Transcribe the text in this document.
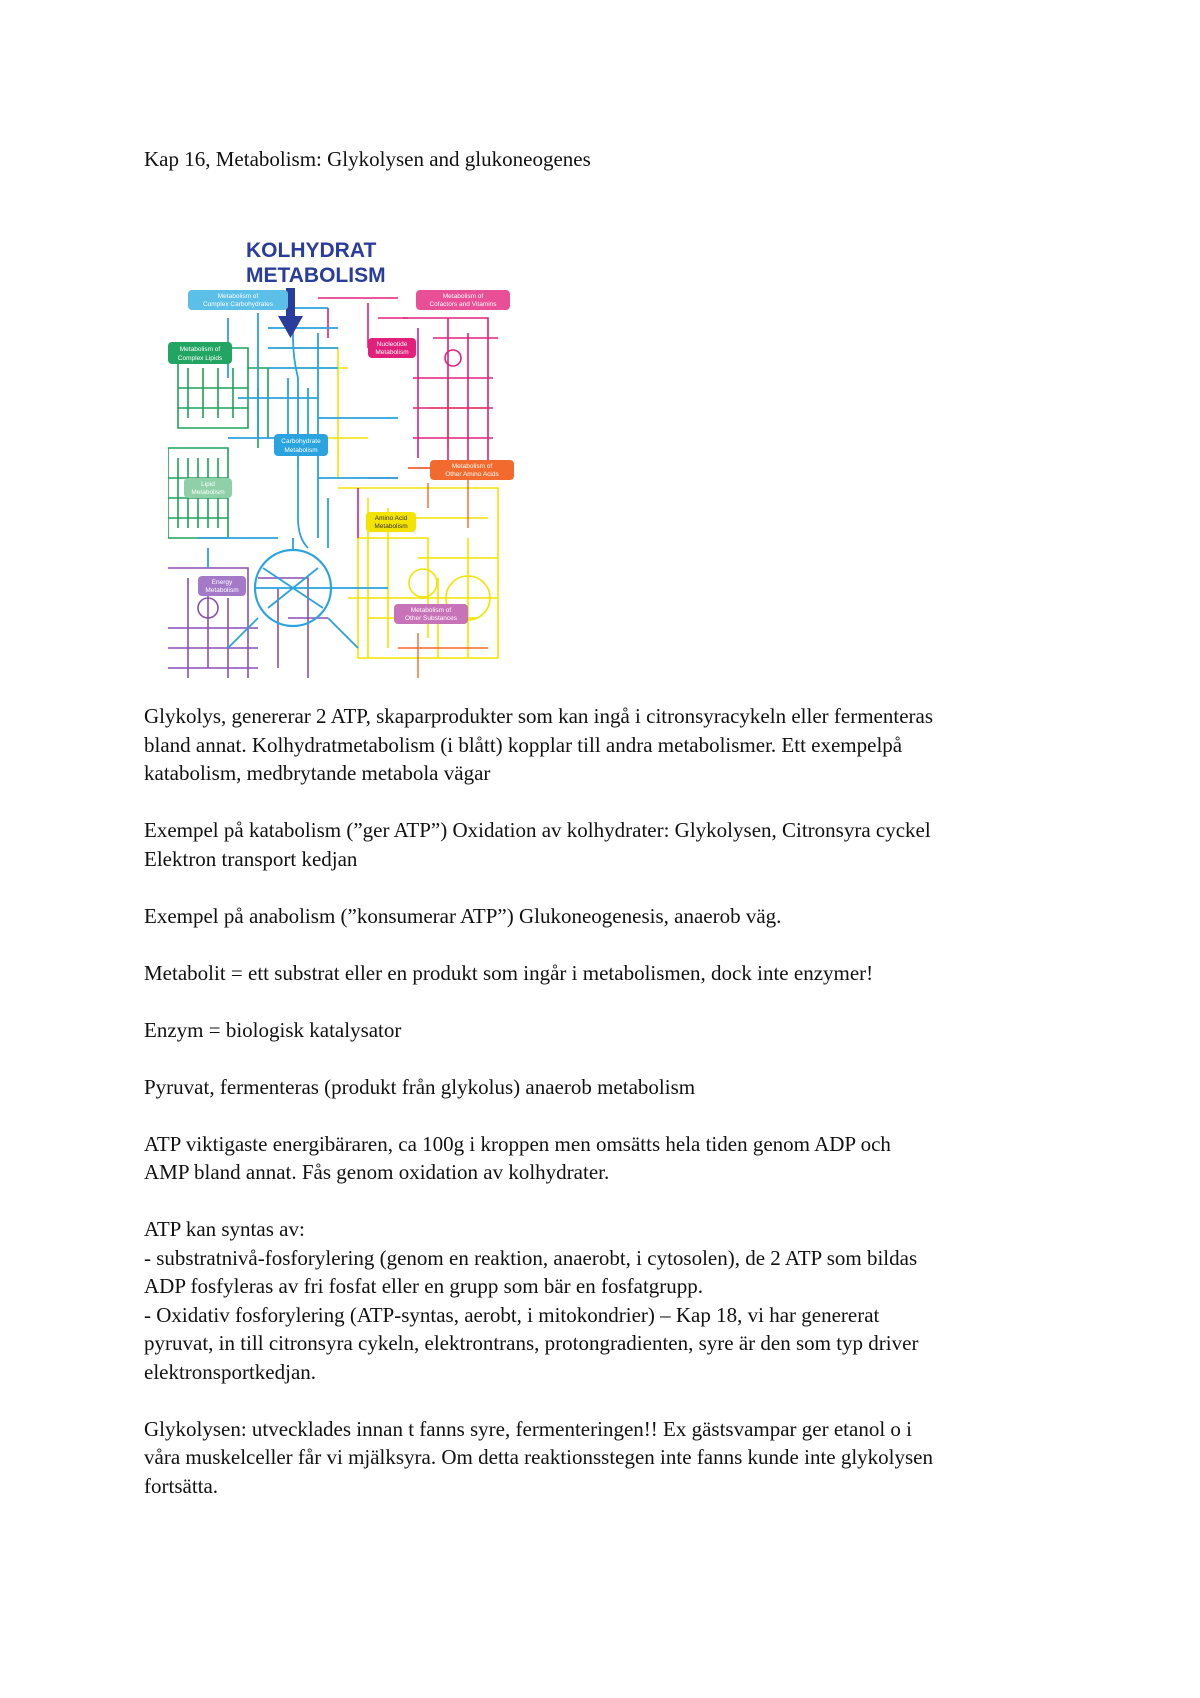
Kap 16, Metabolism: Glykolysen and glukoneogenes
KOLHYDRAT
METABOLISM
Metabolism of
Complex Carbohydrates
Metabolism of
Cofactors and Vitamins
Metabolism of
Complex Lipids
Nucleotide
Metabolism
Carbohydrate
Metabolism
Lipid
Metabolism
Metabolism of
Other Amino Acids
Amino Acid
Metabolism
Energy
Metabolism
Metabolism of
Other Substances

Glykolys, genererar 2 ATP, skaparprodukter som kan ingå i citronsyracykeln eller fermenteras
bland annat. Kolhydratmetabolism (i blått) kopplar till andra metabolismer. Ett exempelpå
katabolism, medbrytande metabola vägar

Exempel på katabolism (”ger ATP”) Oxidation av kolhydrater: Glykolysen, Citronsyra cyckel
Elektron transport kedjan

Exempel på anabolism (”konsumerar ATP”) Glukoneogenesis, anaerob väg.

Metabolit = ett substrat eller en produkt som ingår i metabolismen, dock inte enzymer!

Enzym = biologisk katalysator

Pyruvat, fermenteras (produkt från glykolus) anaerob metabolism

ATP viktigaste energibäraren, ca 100g i kroppen men omsätts hela tiden genom ADP och
AMP bland annat. Fås genom oxidation av kolhydrater.

ATP kan syntas av:
- substratnivå-fosforylering (genom en reaktion, anaerobt, i cytosolen), de 2 ATP som bildas
ADP fosfyleras av fri fosfat eller en grupp som bär en fosfatgrupp.
- Oxidativ fosforylering (ATP-syntas, aerobt, i mitokondrier) – Kap 18, vi har genererat
pyruvat, in till citronsyra cykeln, elektrontrans, protongradienten, syre är den som typ driver
elektronsportkedjan.

Glykolysen: utvecklades innan t fanns syre, fermenteringen!! Ex gästsvampar ger etanol o i
våra muskelceller får vi mjälksyra. Om detta reaktionsstegen inte fanns kunde inte glykolysen
fortsätta.
